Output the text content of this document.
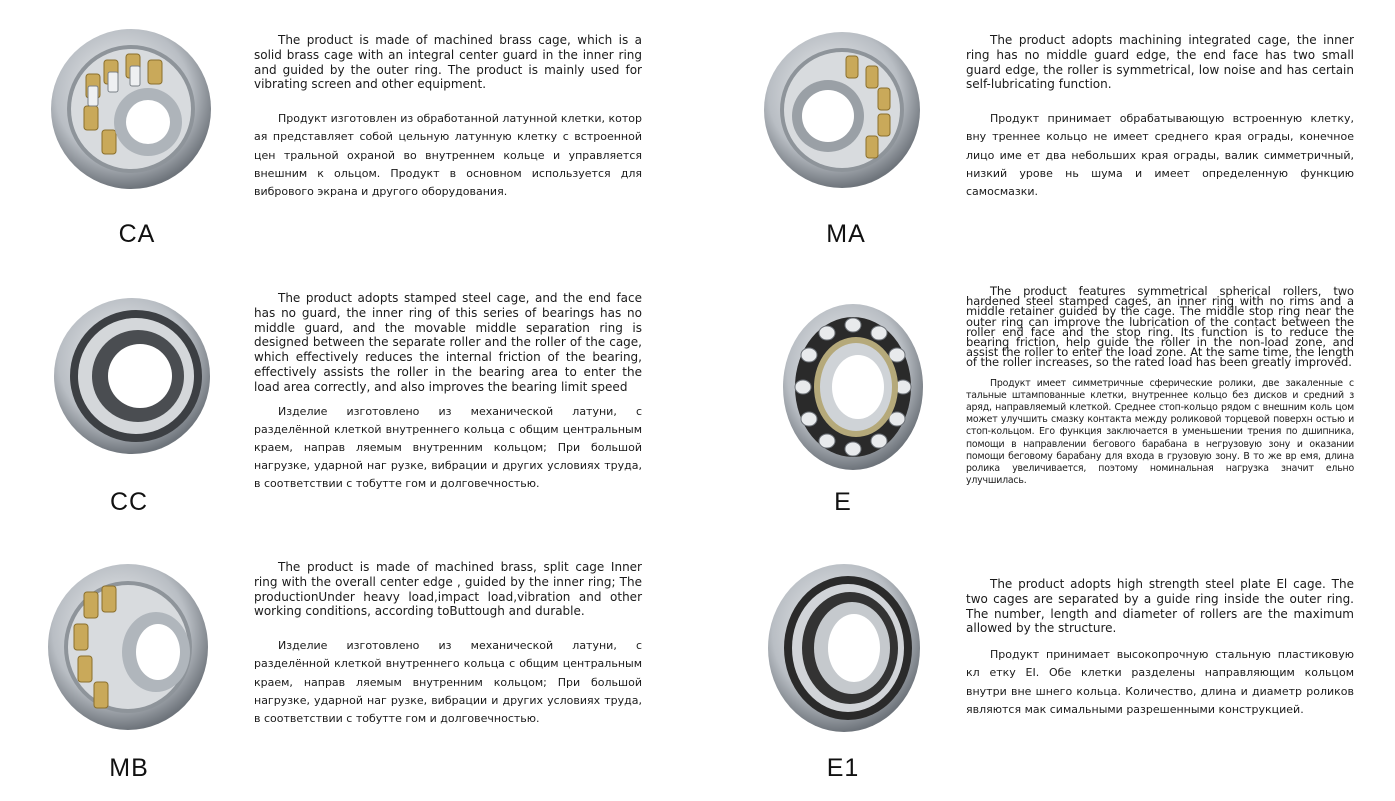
CA

The product is made of machined brass cage, which is a solid brass cage with an integral center guard in the inner ring and guided by the outer ring. The product is mainly used for vibrating screen and other equipment.

Продукт изготовлен из обработанной латунной клетки, котор ая представляет собой цельную латунную клетку с встроенной цен тральной охраной во внутреннем кольце и управляется внешним к ольцом. Продукт в основном используется для вибрового экрана и другого оборудования.

MA

The product adopts machining integrated cage, the inner ring has no middle guard edge, the end face has two small guard edge, the roller is symmetrical, low noise and has certain self-lubricating function.

Продукт принимает обрабатывающую встроенную клетку, вну треннее кольцо не имеет среднего края ограды, конечное лицо име ет два небольших края ограды, валик симметричный, низкий урове нь шума и имеет определенную функцию самосмазки.

CC

The product adopts stamped steel cage, and the end face has no guard, the inner ring of this series of bearings has no middle guard, and the movable middle separation ring is designed between the separate roller and the roller of the cage, which effectively reduces the internal friction of the bearing, effectively assists the roller in the bearing area to enter the load area correctly, and also improves the bearing limit speed

Изделие изготовлено из механической латуни, с разделённой клеткой внутреннего кольца с общим центральным краем, направ ляемым внутренним кольцом; При большой нагрузке, ударной наг рузке, вибрации и других условиях труда, в соответствии с тобутте гом и долговечностью.

E

The product features symmetrical spherical rollers, two hardened steel stamped cages, an inner ring with no rims and a middle retainer guided by the cage. The middle stop ring near the outer ring can improve the lubrication of the contact between the roller end face and the stop ring. Its function is to reduce the bearing friction, help guide the roller in the non-load zone, and assist the roller to enter the load zone. At the same time, the length of the roller increases, so the rated load has been greatly improved.

Продукт имеет симметричные сферические ролики, две закаленные с тальные штампованные клетки, внутреннее кольцо без дисков и средний з аряд, направляемый клеткой. Среднее стоп-кольцо рядом с внешним коль цом может улучшить смазку контакта между роликовой торцевой поверхн остью и стоп-кольцом. Его функция заключается в уменьшении трения по дшипника, помощи в направлении бегового барабана в негрузовую зону и оказании помощи беговому барабану для входа в грузовую зону. В то же вр емя, длина ролика увеличивается, поэтому номинальная нагрузка значит ельно улучшилась.

MB

The product is made of machined brass, split cage Inner ring with the overall center edge , guided by the inner ring; The productionUnder heavy load,impact load,vibration and other working conditions, according toButtough and durable.

Изделие изготовлено из механической латуни, с разделённой клеткой внутреннего кольца с общим центральным краем, направ ляемым внутренним кольцом; При большой нагрузке, ударной наг рузке, вибрации и других условиях труда, в соответствии с тобутте гом и долговечностью.

E1

The product adopts high strength steel plate El cage. The two cages are separated by a guide ring inside the outer ring. The number, length and diameter of rollers are the maximum allowed by the structure.

Продукт принимает высокопрочную стальную пластиковую кл етку EI. Обе клетки разделены направляющим кольцом внутри вне шнего кольца. Количество, длина и диаметр роликов являются мак симальными разрешенными конструкцией.
